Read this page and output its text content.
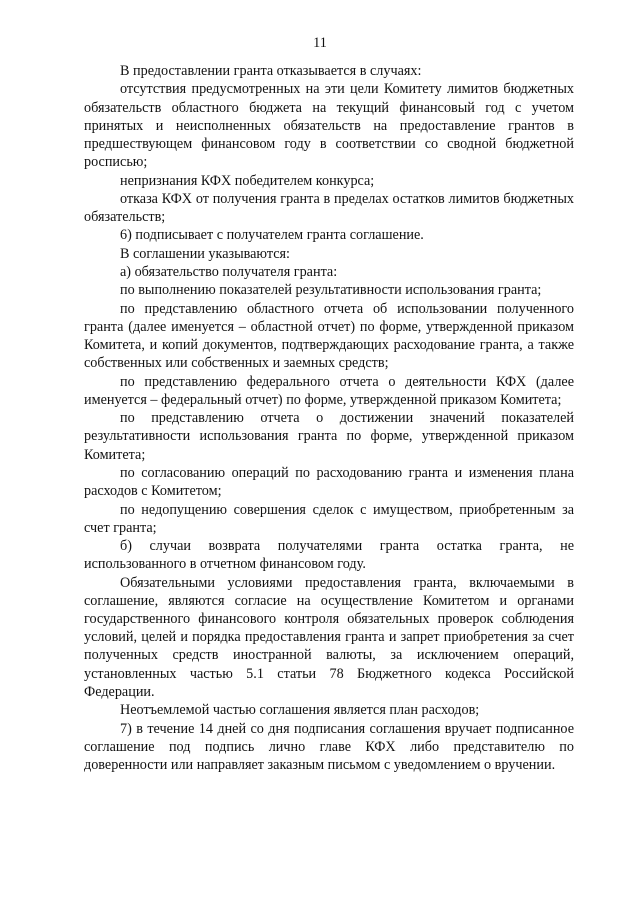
11

В предоставлении гранта отказывается в случаях:

отсутствия предусмотренных на эти цели Комитету лимитов бюджетных обязательств областного бюджета на текущий финансовый год с учетом принятых и неисполненных обязательств на предоставление грантов в предшествующем финансовом году в соответствии со сводной бюджетной росписью;

непризнания КФХ победителем конкурса;

отказа КФХ от получения гранта в пределах остатков лимитов бюджетных обязательств;

6) подписывает с получателем гранта соглашение.

В соглашении указываются:

а) обязательство получателя гранта:

по выполнению показателей результативности использования гранта;

по представлению областного отчета об использовании полученного гранта (далее именуется – областной отчет) по форме, утвержденной приказом Комитета, и копий документов, подтверждающих расходование гранта, а также собственных или собственных и заемных средств;

по представлению федерального отчета о деятельности КФХ (далее именуется – федеральный отчет) по форме, утвержденной приказом Комитета;

по представлению отчета о достижении значений показателей результативности использования гранта по форме, утвержденной приказом Комитета;

по согласованию операций по расходованию гранта и изменения плана расходов с Комитетом;

по недопущению совершения сделок с имуществом, приобретенным за счет гранта;

б) случаи возврата получателями гранта остатка гранта, не использованного в отчетном финансовом году.

Обязательными условиями предоставления гранта, включаемыми в соглашение, являются согласие на осуществление Комитетом и органами государственного финансового контроля обязательных проверок соблюдения условий, целей и порядка предоставления гранта и запрет приобретения за счет полученных средств иностранной валюты, за исключением операций, установленных частью 5.1 статьи 78 Бюджетного кодекса Российской Федерации.

Неотъемлемой частью соглашения является план расходов;

7) в течение 14 дней со дня подписания соглашения вручает подписанное соглашение под подпись лично главе КФХ либо представителю по доверенности или направляет заказным письмом с уведомлением о вручении.
